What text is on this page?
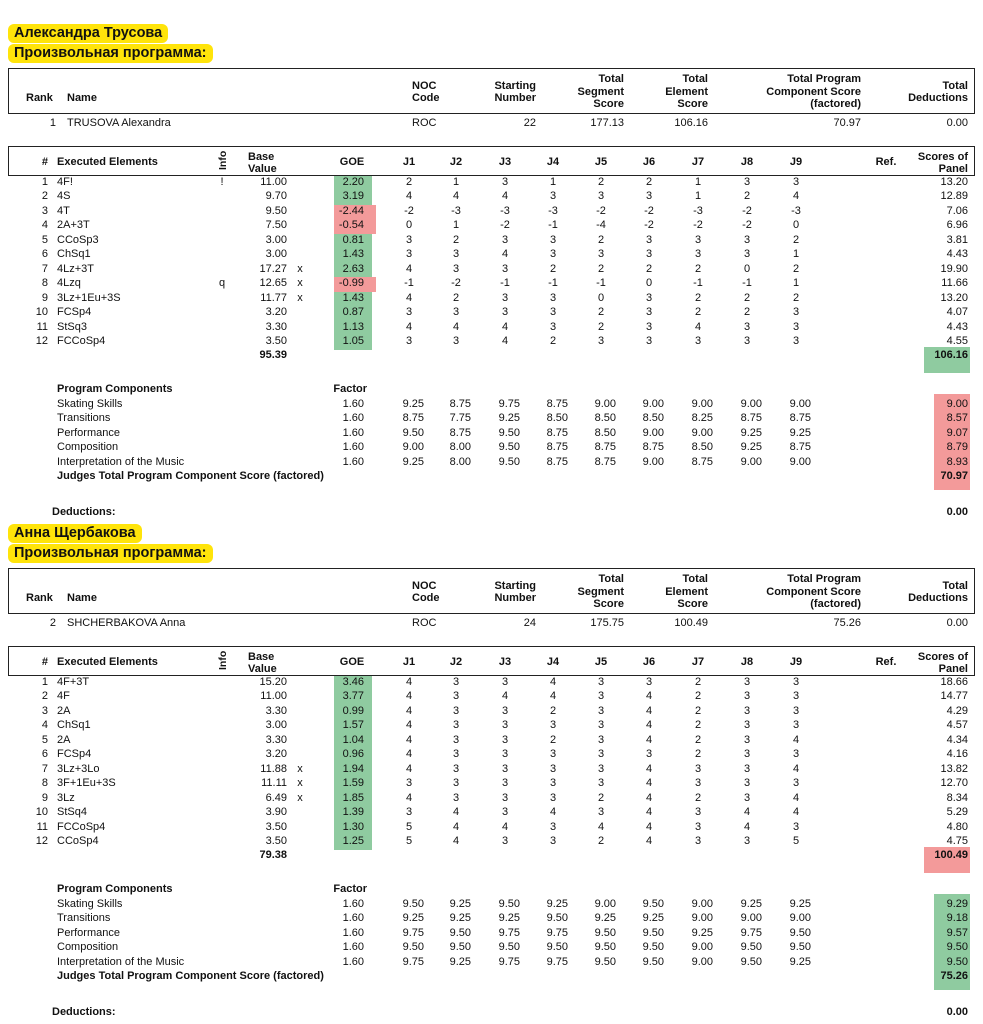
Александра Трусова
Произвольная программа:
Rank Name
NOC
Code
Starting
Number
Total
Segment
Score
Total
Element
Score
Total Program
Component Score
(factored)
Total
Deductions
1 TRUSOVA Alexandra	ROC	22	177.13	106.16	70.97	0.00
# Executed Elements	Info Base
Value
GOE	J1	J2	J3	J4	J5	J6	J7	J8	J9	Ref.	Scores of
Panel
1 4F!	!	11.00	2.20	2	1	3	1	2	2	1	3	3	13.20
2 4S	9.70	3.19	4	4	4	3	3	3	1	2	4	12.89
3 4T	9.50	-2.44	-2	-3	-3	-3	-2	-2	-3	-2	-3	7.06
4 2A+3T	7.50	-0.54	0	1	-2	-1	-4	-2	-2	-2	0	6.96
5 CCoSp3	3.00	0.81	3	2	3	3	2	3	3	3	2	3.81
6 ChSq1	3.00	1.43	3	3	4	3	3	3	3	3	1	4.43
7 4Lz+3T	17.27 x	2.63	4	3	3	2	2	2	2	0	2	19.90
8 4Lzq	q	12.65 x	-0.99	-1	-2	-1	-1	-1	0	-1	-1	1	11.66
9 3Lz+1Eu+3S	11.77 x	1.43	4	2	3	3	0	3	2	2	2	13.20
10 FCSp4	3.20	0.87	3	3	3	3	2	3	2	2	3	4.07
11 StSq3	3.30	1.13	4	4	4	3	2	3	4	3	3	4.43
12 FCCoSp4	3.50	1.05	3	3	4	2	3	3	3	3	3	4.55
95.39	106.16
Program Components	Factor
Skating Skills	1.60	9.25	8.75	9.75	8.75	9.00	9.00	9.00	9.00	9.00	9.00
Transitions	1.60	8.75	7.75	9.25	8.50	8.50	8.50	8.25	8.75	8.75	8.57
Performance	1.60	9.50	8.75	9.50	8.75	8.50	9.00	9.00	9.25	9.25	9.07
Composition	1.60	9.00	8.00	9.50	8.75	8.75	8.75	8.50	9.25	8.75	8.79
Interpretation of the Music	1.60	9.25	8.00	9.50	8.75	8.75	9.00	8.75	9.00	9.00	8.93
Judges Total Program Component Score (factored)	70.97
Deductions:	0.00
Анна Щербакова
Произвольная программа:
Rank Name
NOC
Code
Starting
Number
Total
Segment
Score
Total
Element
Score
Total Program
Component Score
(factored)
Total
Deductions
2 SHCHERBAKOVA Anna	ROC	24	175.75	100.49	75.26	0.00
# Executed Elements	Info Base
Value
GOE	J1	J2	J3	J4	J5	J6	J7	J8	J9	Ref.	Scores of
Panel
1 4F+3T	15.20	3.46	4	3	3	4	3	3	2	3	3	18.66
2 4F	11.00	3.77	4	3	4	4	3	4	2	3	3	14.77
3 2A	3.30	0.99	4	3	3	2	3	4	2	3	3	4.29
4 ChSq1	3.00	1.57	4	3	3	3	3	4	2	3	3	4.57
5 2A	3.30	1.04	4	3	3	2	3	4	2	3	4	4.34
6 FCSp4	3.20	0.96	4	3	3	3	3	3	2	3	3	4.16
7 3Lz+3Lo	11.88 x	1.94	4	3	3	3	3	4	3	3	4	13.82
8 3F+1Eu+3S	11.11 x	1.59	3	3	3	3	3	4	3	3	3	12.70
9 3Lz	6.49 x	1.85	4	3	3	3	2	4	2	3	4	8.34
10 StSq4	3.90	1.39	3	4	3	4	3	4	3	4	4	5.29
11 FCCoSp4	3.50	1.30	5	4	4	3	4	4	3	4	3	4.80
12 CCoSp4	3.50	1.25	5	4	3	3	2	4	3	3	5	4.75
79.38	100.49
Program Components	Factor
Skating Skills	1.60	9.50	9.25	9.50	9.25	9.00	9.50	9.00	9.25	9.25	9.29
Transitions	1.60	9.25	9.25	9.25	9.50	9.25	9.25	9.00	9.00	9.00	9.18
Performance	1.60	9.75	9.50	9.75	9.75	9.50	9.50	9.25	9.75	9.50	9.57
Composition	1.60	9.50	9.50	9.50	9.50	9.50	9.50	9.00	9.50	9.50	9.50
Interpretation of the Music	1.60	9.75	9.25	9.75	9.75	9.50	9.50	9.00	9.50	9.25	9.50
Judges Total Program Component Score (factored)	75.26
Deductions:	0.00
